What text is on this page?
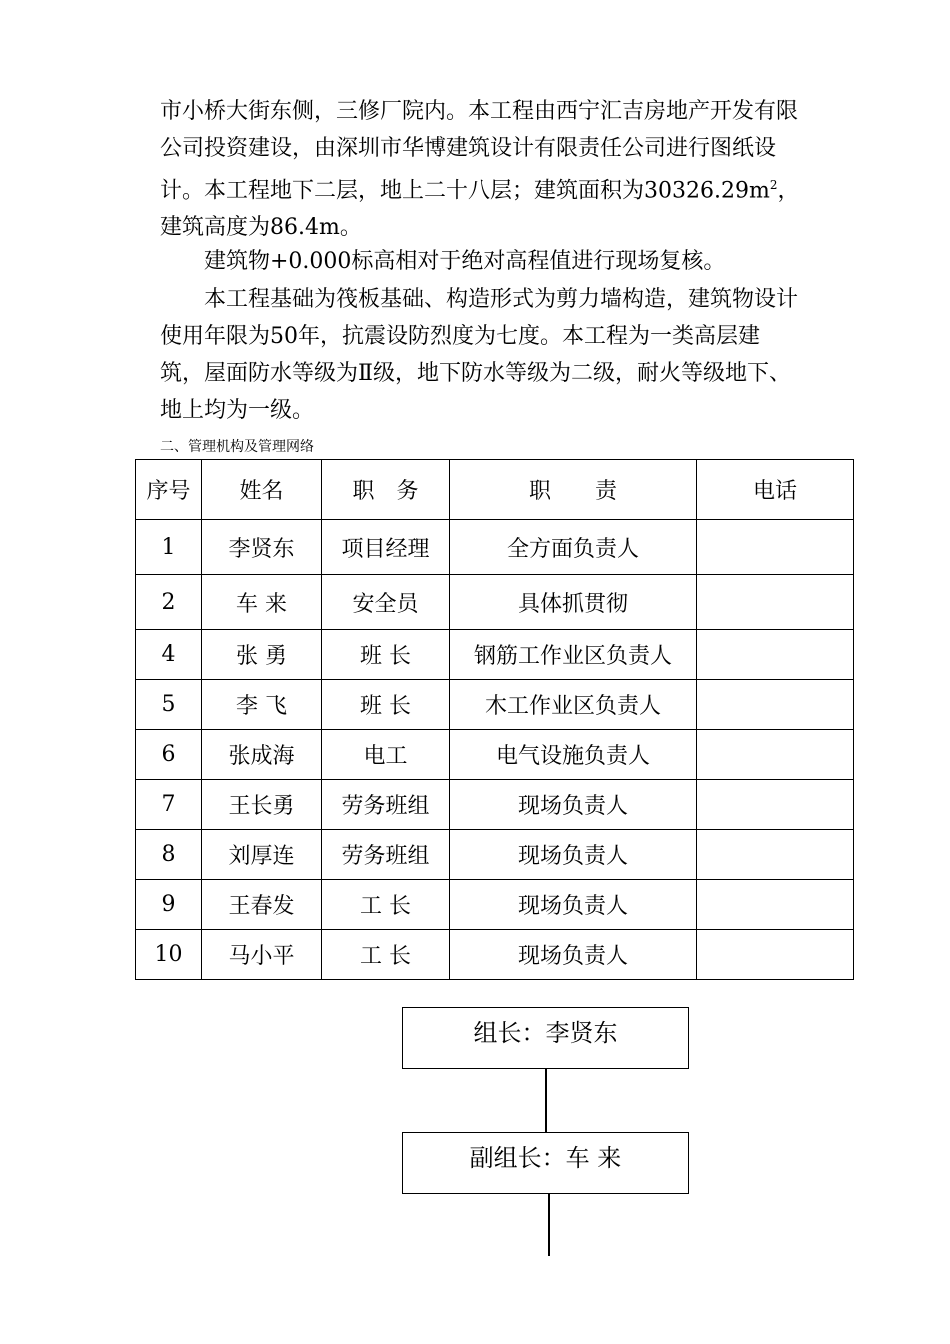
市小桥大街东侧，三修厂院内。本工程由西宁汇吉房地产开发有限公司投资建设，由深圳市华博建筑设计有限责任公司进行图纸设计。本工程地下二层，地上二十八层；建筑面积为$30326.29m^2$，建筑高度为86.4m。

建筑物+0.000标高相对于绝对高程值进行现场复核。

本工程基础为筏板基础、构造形式为剪力墙构造，建筑物设计使用年限为50年，抗震设防烈度为七度。本工程为一类高层建筑，屋面防水等级为Ⅱ级，地下防水等级为二级，耐火等级地下、地上均为一级。

二、管理机构及管理网络

序号	姓名	职　务	职　　责	电话
1	李贤东	项目经理	全方面负责人	
2	车 来	安全员	具体抓贯彻	
4	张 勇	班 长	钢筋工作业区负责人	
5	李 飞	班 长	木工作业区负责人	
6	张成海	电工	电气设施负责人	
7	王长勇	劳务班组	现场负责人	
8	刘厚连	劳务班组	现场负责人	
9	王春发	工 长	现场负责人	
10	马小平	工 长	现场负责人	
组长：李贤东
副组长：车 来
